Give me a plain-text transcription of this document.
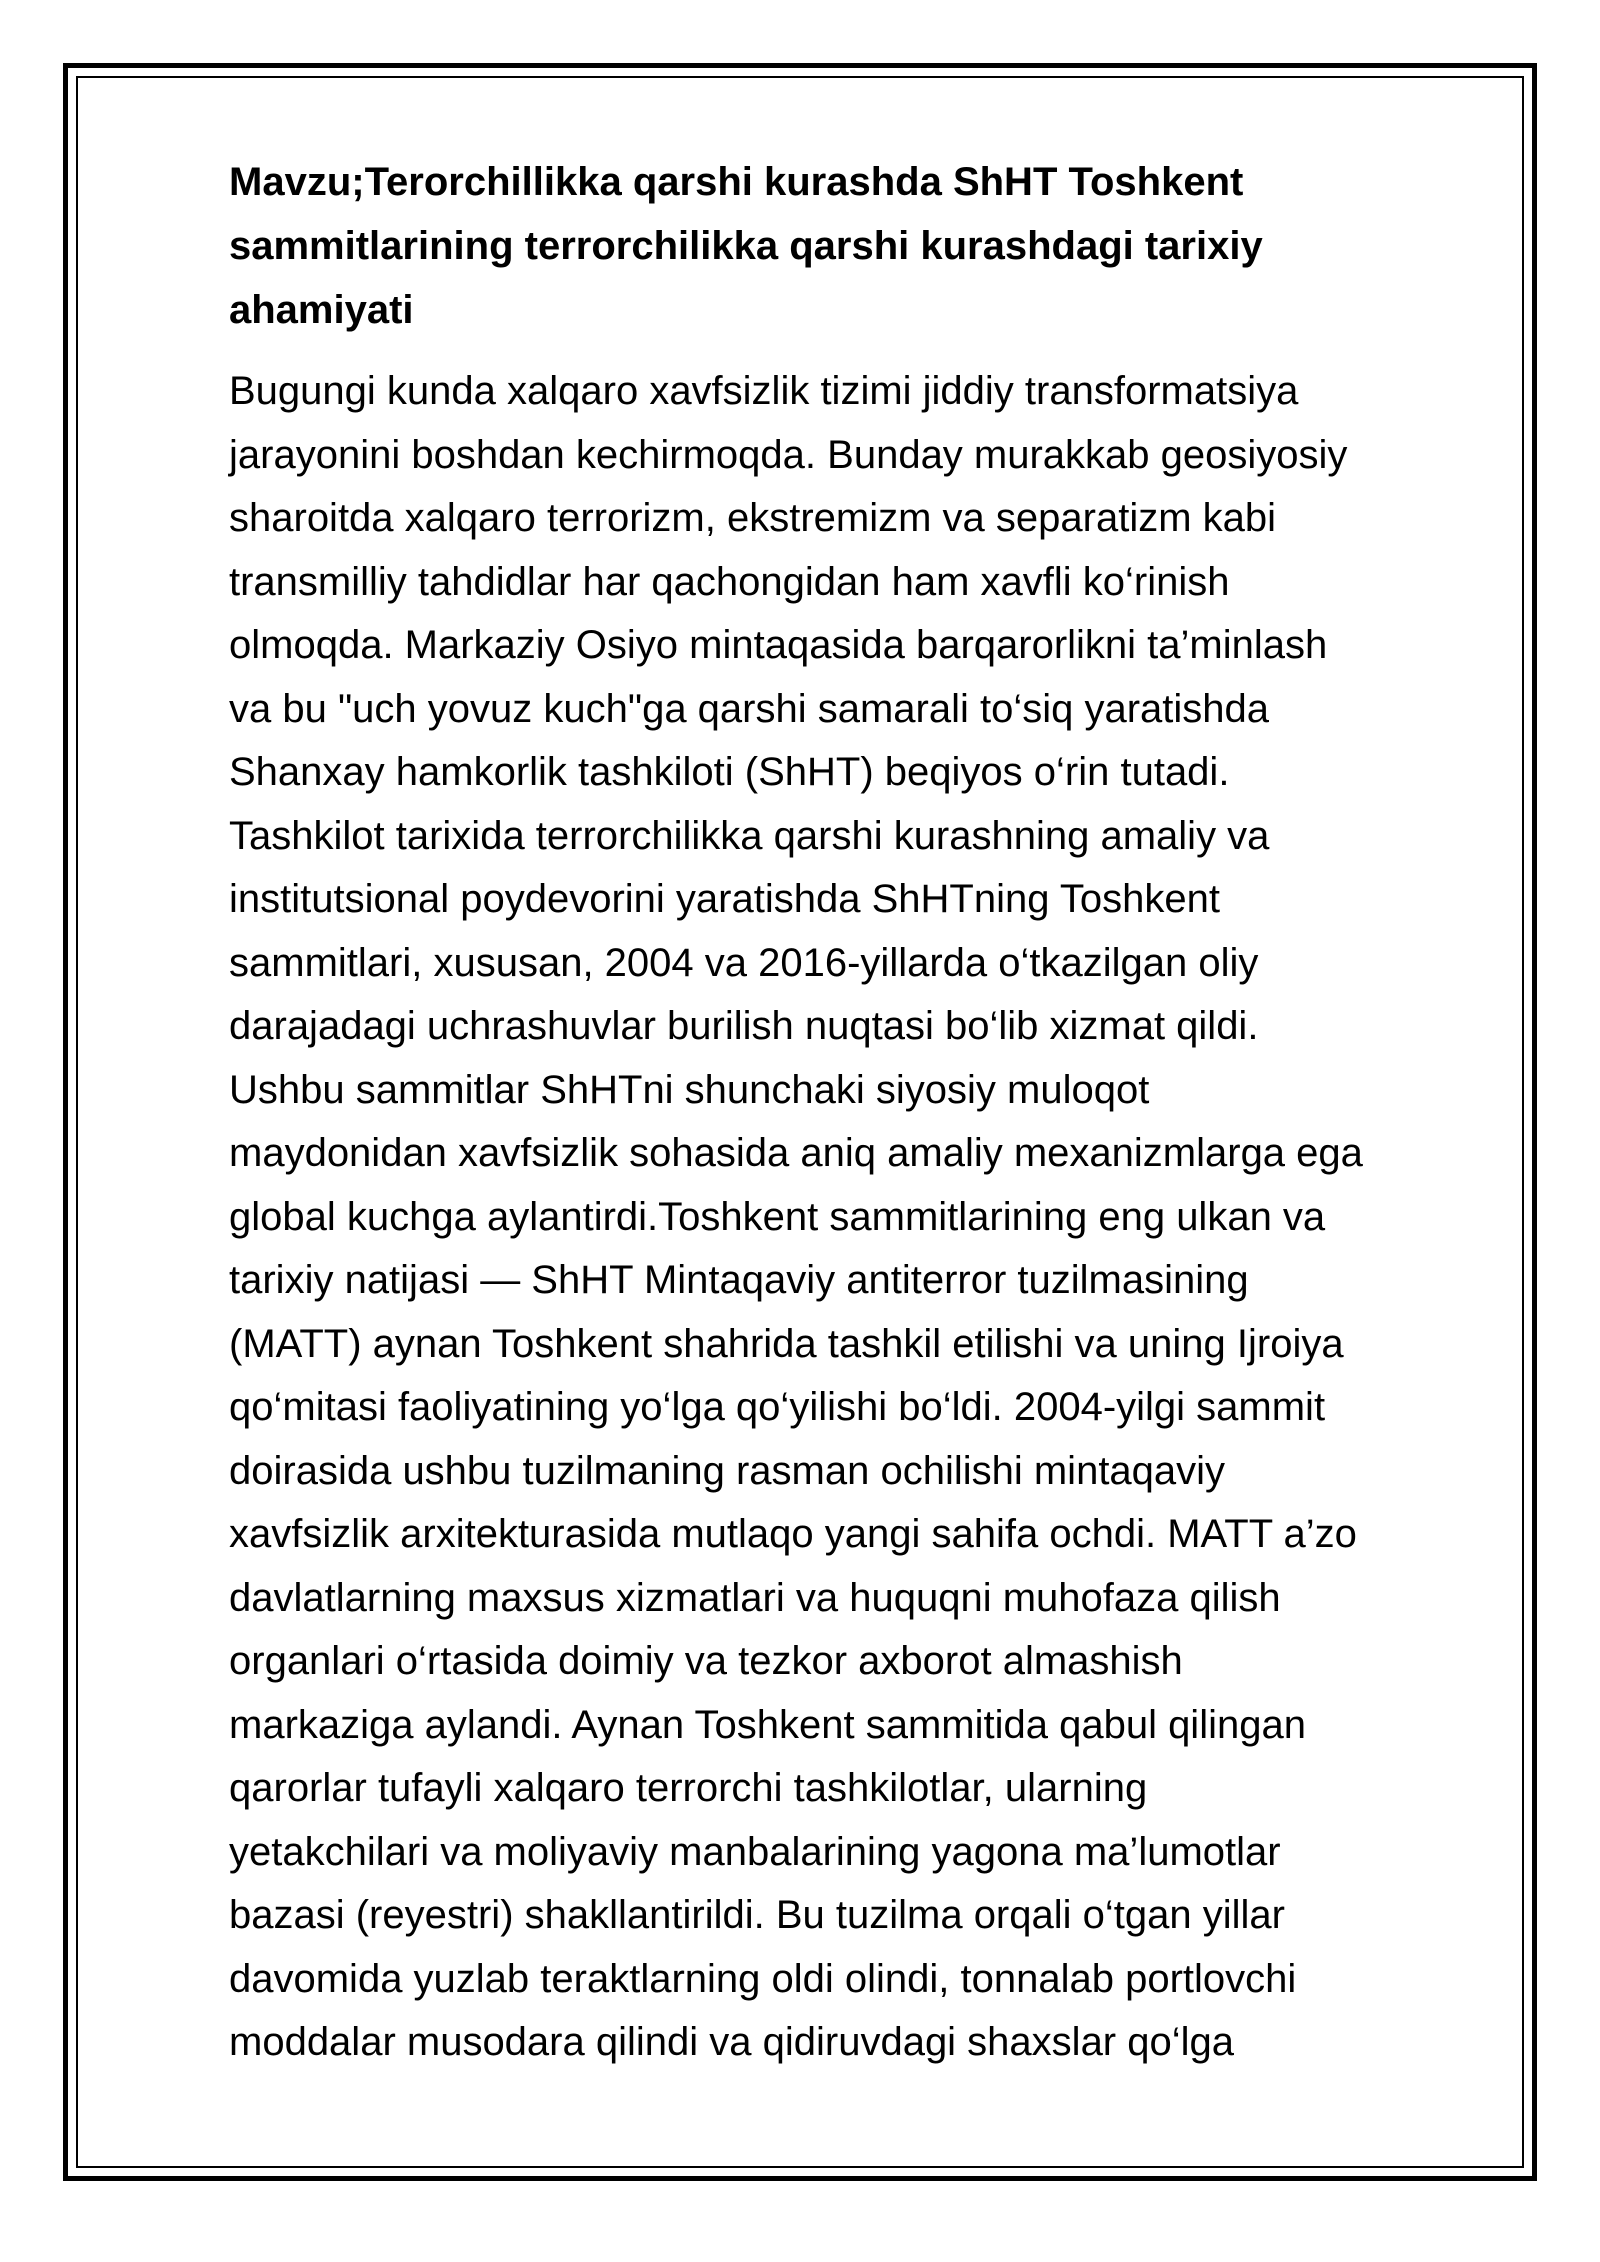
Mavzu;Terorchillikka qarshi kurashda ShHT Toshkent
sammitlarining terrorchilikka qarshi kurashdagi tarixiy
ahamiyati
Bugungi kunda xalqaro xavfsizlik tizimi jiddiy transformatsiya
jarayonini boshdan kechirmoqda. Bunday murakkab geosiyosiy
sharoitda xalqaro terrorizm, ekstremizm va separatizm kabi
transmilliy tahdidlar har qachongidan ham xavfli ko‘rinish
olmoqda. Markaziy Osiyo mintaqasida barqarorlikni ta’minlash
va bu "uch yovuz kuch"ga qarshi samarali to‘siq yaratishda
Shanxay hamkorlik tashkiloti (ShHT) beqiyos o‘rin tutadi.
Tashkilot tarixida terrorchilikka qarshi kurashning amaliy va
institutsional poydevorini yaratishda ShHTning Toshkent
sammitlari, xususan, 2004 va 2016-yillarda o‘tkazilgan oliy
darajadagi uchrashuvlar burilish nuqtasi bo‘lib xizmat qildi.
Ushbu sammitlar ShHTni shunchaki siyosiy muloqot
maydonidan xavfsizlik sohasida aniq amaliy mexanizmlarga ega
global kuchga aylantirdi.Toshkent sammitlarining eng ulkan va
tarixiy natijasi — ShHT Mintaqaviy antiterror tuzilmasining
(MATT) aynan Toshkent shahrida tashkil etilishi va uning Ijroiya
qo‘mitasi faoliyatining yo‘lga qo‘yilishi bo‘ldi. 2004-yilgi sammit
doirasida ushbu tuzilmaning rasman ochilishi mintaqaviy
xavfsizlik arxitekturasida mutlaqo yangi sahifa ochdi. MATT a’zo
davlatlarning maxsus xizmatlari va huquqni muhofaza qilish
organlari o‘rtasida doimiy va tezkor axborot almashish
markaziga aylandi. Aynan Toshkent sammitida qabul qilingan
qarorlar tufayli xalqaro terrorchi tashkilotlar, ularning
yetakchilari va moliyaviy manbalarining yagona ma’lumotlar
bazasi (reyestri) shakllantirildi. Bu tuzilma orqali o‘tgan yillar
davomida yuzlab teraktlarning oldi olindi, tonnalab portlovchi
moddalar musodara qilindi va qidiruvdagi shaxslar qo‘lga
